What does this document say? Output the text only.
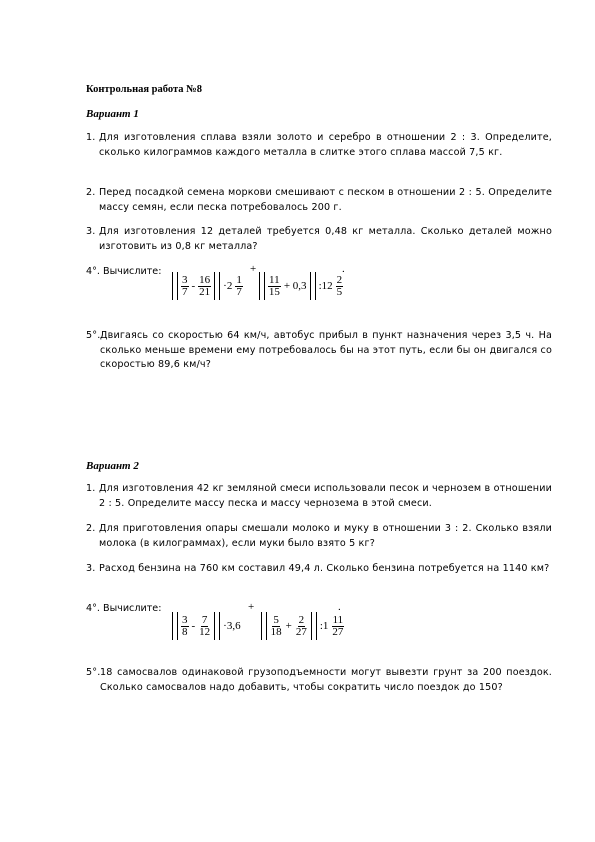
Контрольная работа №8
Вариант 1
1. Для изготовления сплава взяли золото и серебро в отношении 2 : 3. Определите, сколько килограммов каждого металла в слитке этого сплава массой 7,5 кг.
2. Перед посадкой семена моркови смешивают с песком в отношении 2 : 5. Определите массу семян, если песка потребовалось 200 г.
3. Для изготовления 12 деталей требуется 0,48 кг металла. Сколько деталей можно изготовить из 0,8 кг металла?
4°. Вычислите:
$\frac{3}{7} - \frac{16}{21} \cdot 2 \frac{1}{7} \frac{11}{15} + 0,3$ :12 $\frac{2}{5}$
+	.
5°. Двигаясь со скоростью 64 км/ч, автобус прибыл в пункт назначения через 3,5 ч. На сколько меньше времени ему потребовалось бы на этот путь, если бы он двигался со скоростью 89,6 км/ч?
Вариант 2
1. Для изготовления 42 кг земляной смеси использовали песок и чернозем в отношении 2 : 5. Определите массу песка и массу чернозема в этой смеси.
2. Для приготовления опары смешали молоко и муку в отношении 3 : 2. Сколько взяли молока (в килограммах), если муки было взято 5 кг?
3. Расход бензина на 760 км составил 49,4 л. Сколько бензина потребуется на 1140 км?
4°. Вычислите:
$\frac{3}{8} - \frac{7}{12} \cdot 3,6$	$\frac{5}{18} + \frac{2}{27}$ :1 $\frac{11}{27}$
+	.
5°. 18 самосвалов одинаковой грузоподъемности могут вывезти грунт за 200 поездок. Сколько самосвалов надо добавить, чтобы сократить число поездок до 150?
